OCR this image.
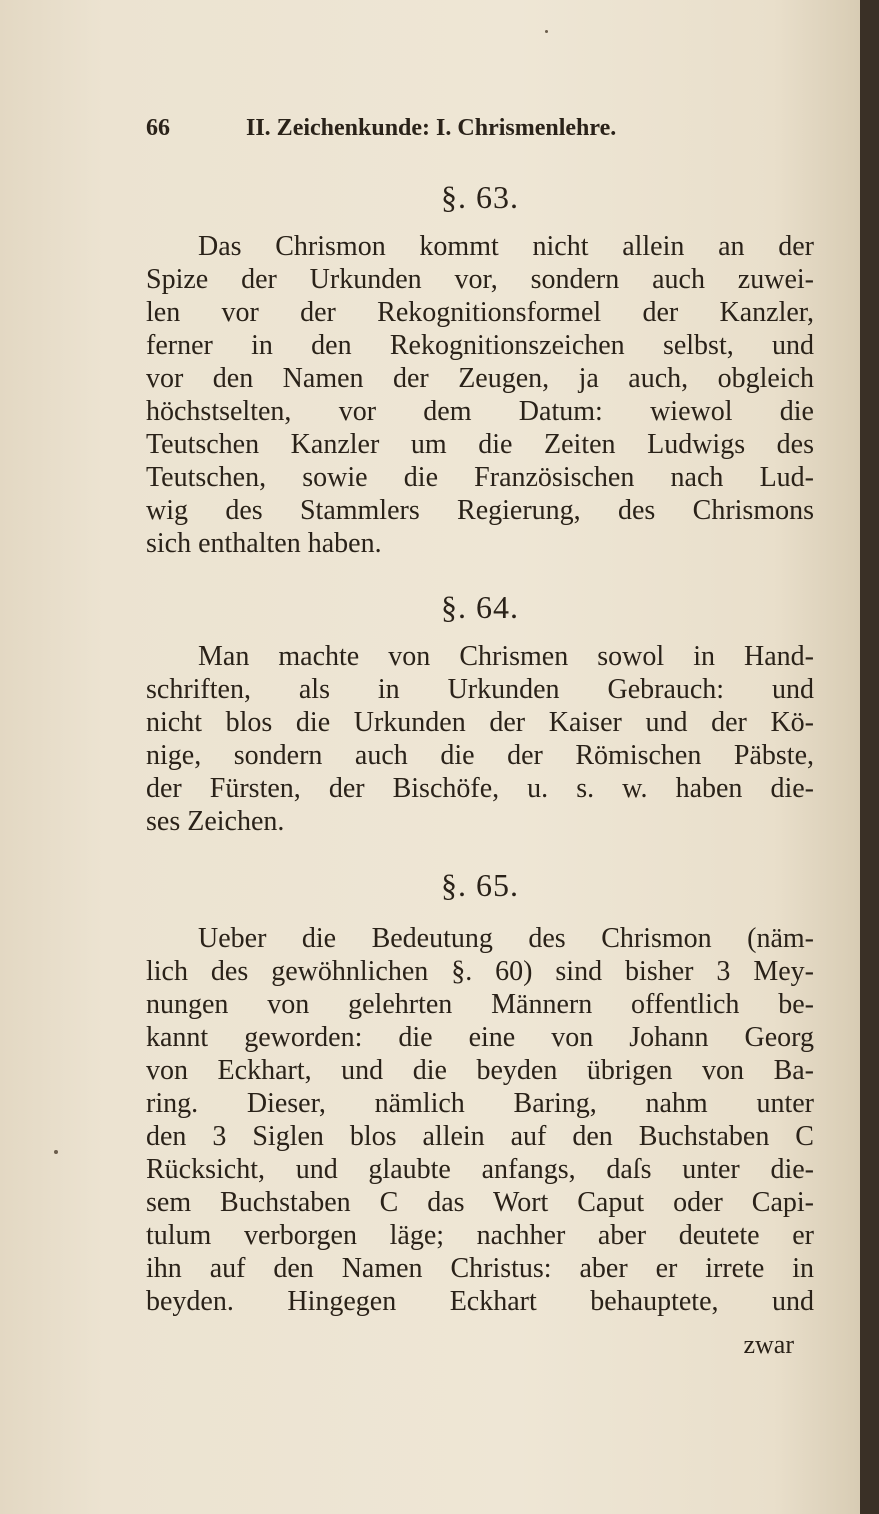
66	II. Zeichenkunde: I. Chrismenlehre.
§. 63.
Das Chrismon kommt nicht allein an der
Spize der Urkunden vor, sondern auch zuwei-
len vor der Rekognitionsformel der Kanzler,
ferner in den Rekognitionszeichen selbst, und
vor den Namen der Zeugen, ja auch, obgleich
höchstselten, vor dem Datum: wiewol die
Teutschen Kanzler um die Zeiten Ludwigs des
Teutschen, sowie die Französischen nach Lud-
wig des Stammlers Regierung, des Chrismons
sich enthalten haben.
§. 64.
Man machte von Chrismen sowol in Hand-
schriften, als in Urkunden Gebrauch: und
nicht blos die Urkunden der Kaiser und der Kö-
nige, sondern auch die der Römischen Päbste,
der Fürsten, der Bischöfe, u. s. w. haben die-
ses Zeichen.
§. 65.
Ueber die Bedeutung des Chrismon (näm-
lich des gewöhnlichen §. 60) sind bisher 3 Mey-
nungen von gelehrten Männern offentlich be-
kannt geworden: die eine von Johann Georg
von Eckhart, und die beyden übrigen von Ba-
ring. Dieser, nämlich Baring, nahm unter
den 3 Siglen blos allein auf den Buchstaben C
Rücksicht, und glaubte anfangs, daſs unter die-
sem Buchstaben C das Wort Caput oder Capi-
tulum verborgen läge; nachher aber deutete er
ihn auf den Namen Christus: aber er irrete in
beyden. Hingegen Eckhart behauptete, und
zwar
